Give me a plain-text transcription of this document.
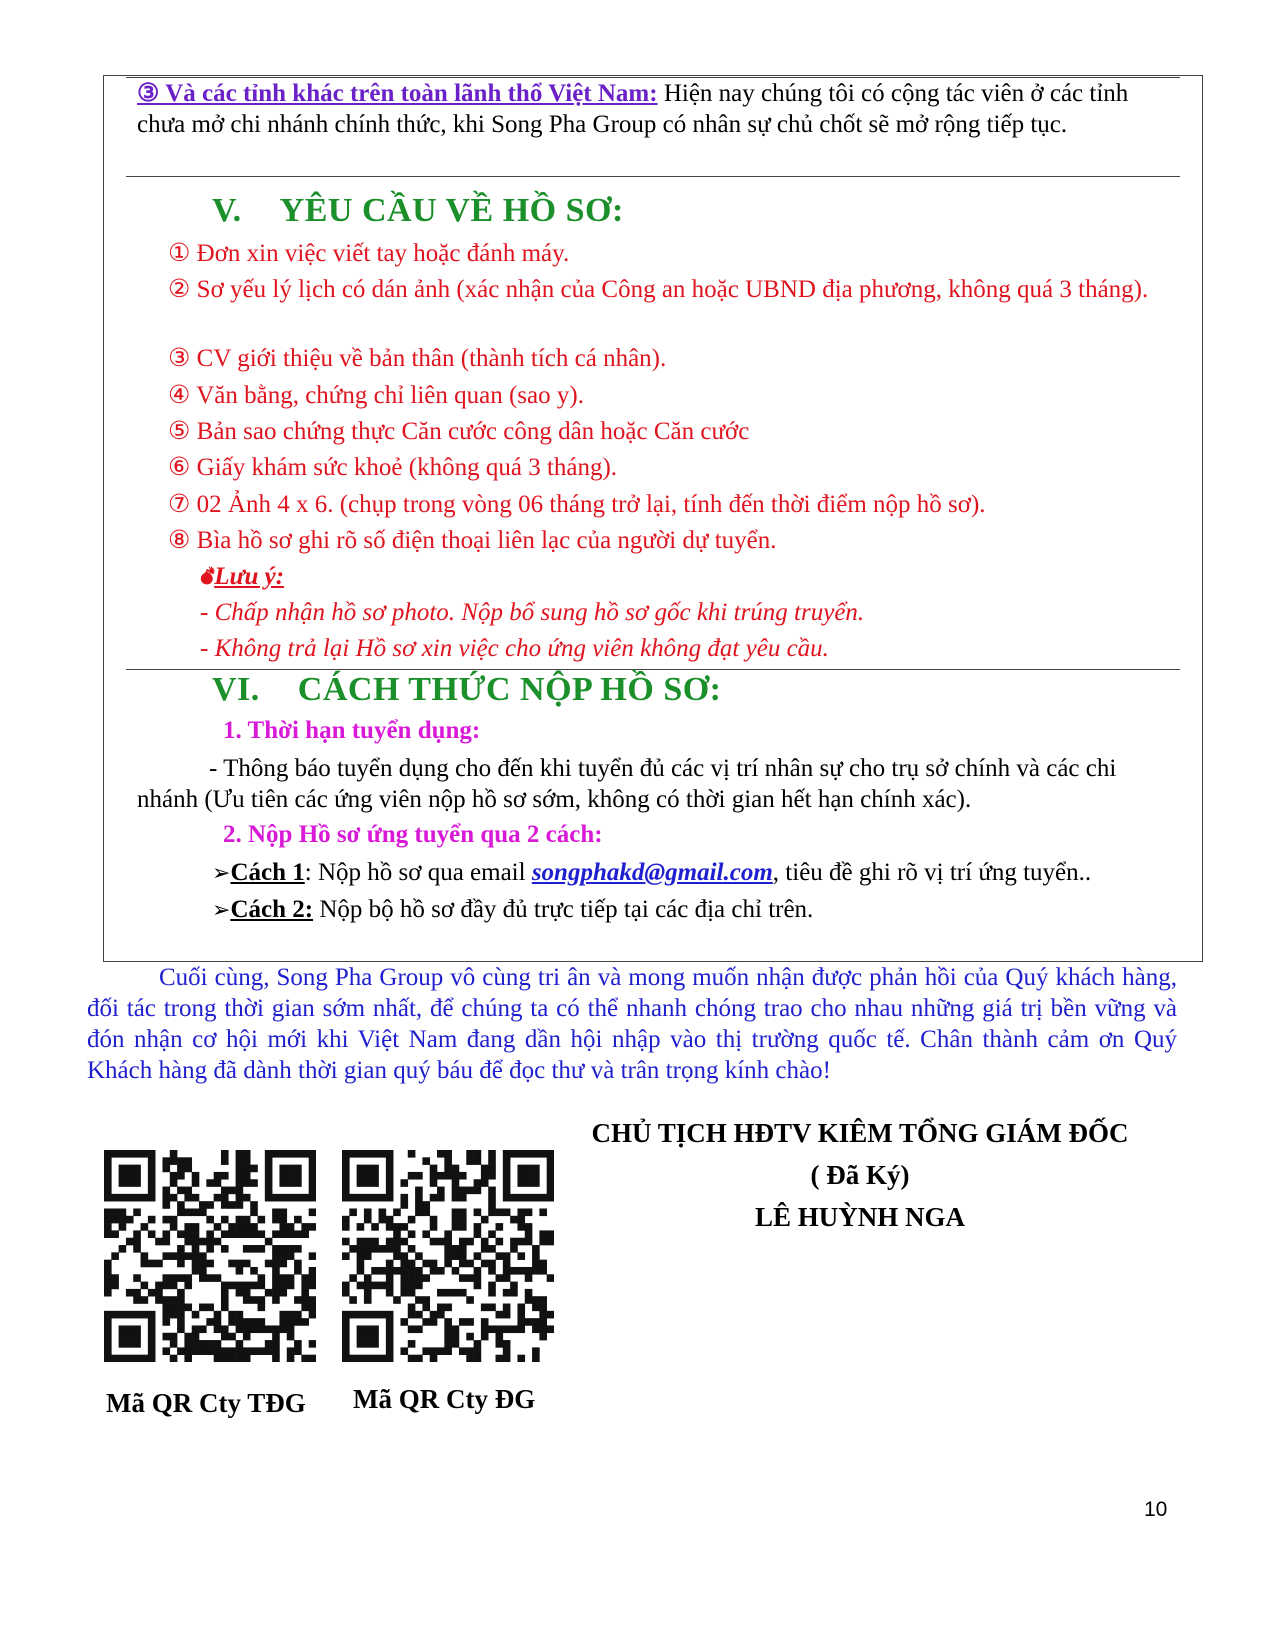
③ Và các tỉnh khác trên toàn lãnh thổ Việt Nam: Hiện nay chúng tôi có cộng tác viên ở các tỉnh chưa mở chi nhánh chính thức, khi Song Pha Group có nhân sự chủ chốt sẽ mở rộng tiếp tục.

V. YÊU CẦU VỀ HỒ SƠ:
① Đơn xin việc viết tay hoặc đánh máy.

② Sơ yếu lý lịch có dán ảnh (xác nhận của Công an hoặc UBND địa phương, không quá 3 tháng).

③ CV giới thiệu về bản thân (thành tích cá nhân).
④ Văn bằng, chứng chỉ liên quan (sao y).
⑤ Bản sao chứng thực Căn cước công dân hoặc Căn cước
⑥ Giấy khám sức khoẻ (không quá 3 tháng).
⑦ 02 Ảnh 4 x 6. (chụp trong vòng 06 tháng trở lại, tính đến thời điểm nộp hồ sơ).
⑧ Bìa hồ sơ ghi rõ số điện thoại liên lạc của người dự tuyển.
💣︎Lưu ý:
- Chấp nhận hồ sơ photo. Nộp bổ sung hồ sơ gốc khi trúng truyển.
- Không trả lại Hồ sơ xin việc cho ứng viên không đạt yêu cầu.
VI. CÁCH THỨC NỘP HỒ SƠ:
1. Thời hạn tuyển dụng:

- Thông báo tuyển dụng cho đến khi tuyển đủ các vị trí nhân sự cho trụ sở chính và các chi nhánh (Ưu tiên các ứng viên nộp hồ sơ sớm, không có thời gian hết hạn chính xác).

2. Nộp Hồ sơ ứng tuyển qua 2 cách:
➢Cách 1: Nộp hồ sơ qua email songphakd@gmail.com, tiêu đề ghi rõ vị trí ứng tuyển..
➢Cách 2: Nộp bộ hồ sơ đầy đủ trực tiếp tại các địa chỉ trên.

Cuối cùng, Song Pha Group vô cùng tri ân và mong muốn nhận được phản hồi của Quý khách hàng, đối tác trong thời gian sớm nhất, để chúng ta có thể nhanh chóng trao cho nhau những giá trị bền vững và đón nhận cơ hội mới khi Việt Nam đang dần hội nhập vào thị trường quốc tế. Chân thành cảm ơn Quý Khách hàng đã dành thời gian quý báu để đọc thư và trân trọng kính chào!

Mã QR Cty TĐG Mã QR Cty ĐG
CHỦ TỊCH HĐTV KIÊM TỔNG GIÁM ĐỐC
( Đã Ký)
LÊ HUỲNH NGA
10
